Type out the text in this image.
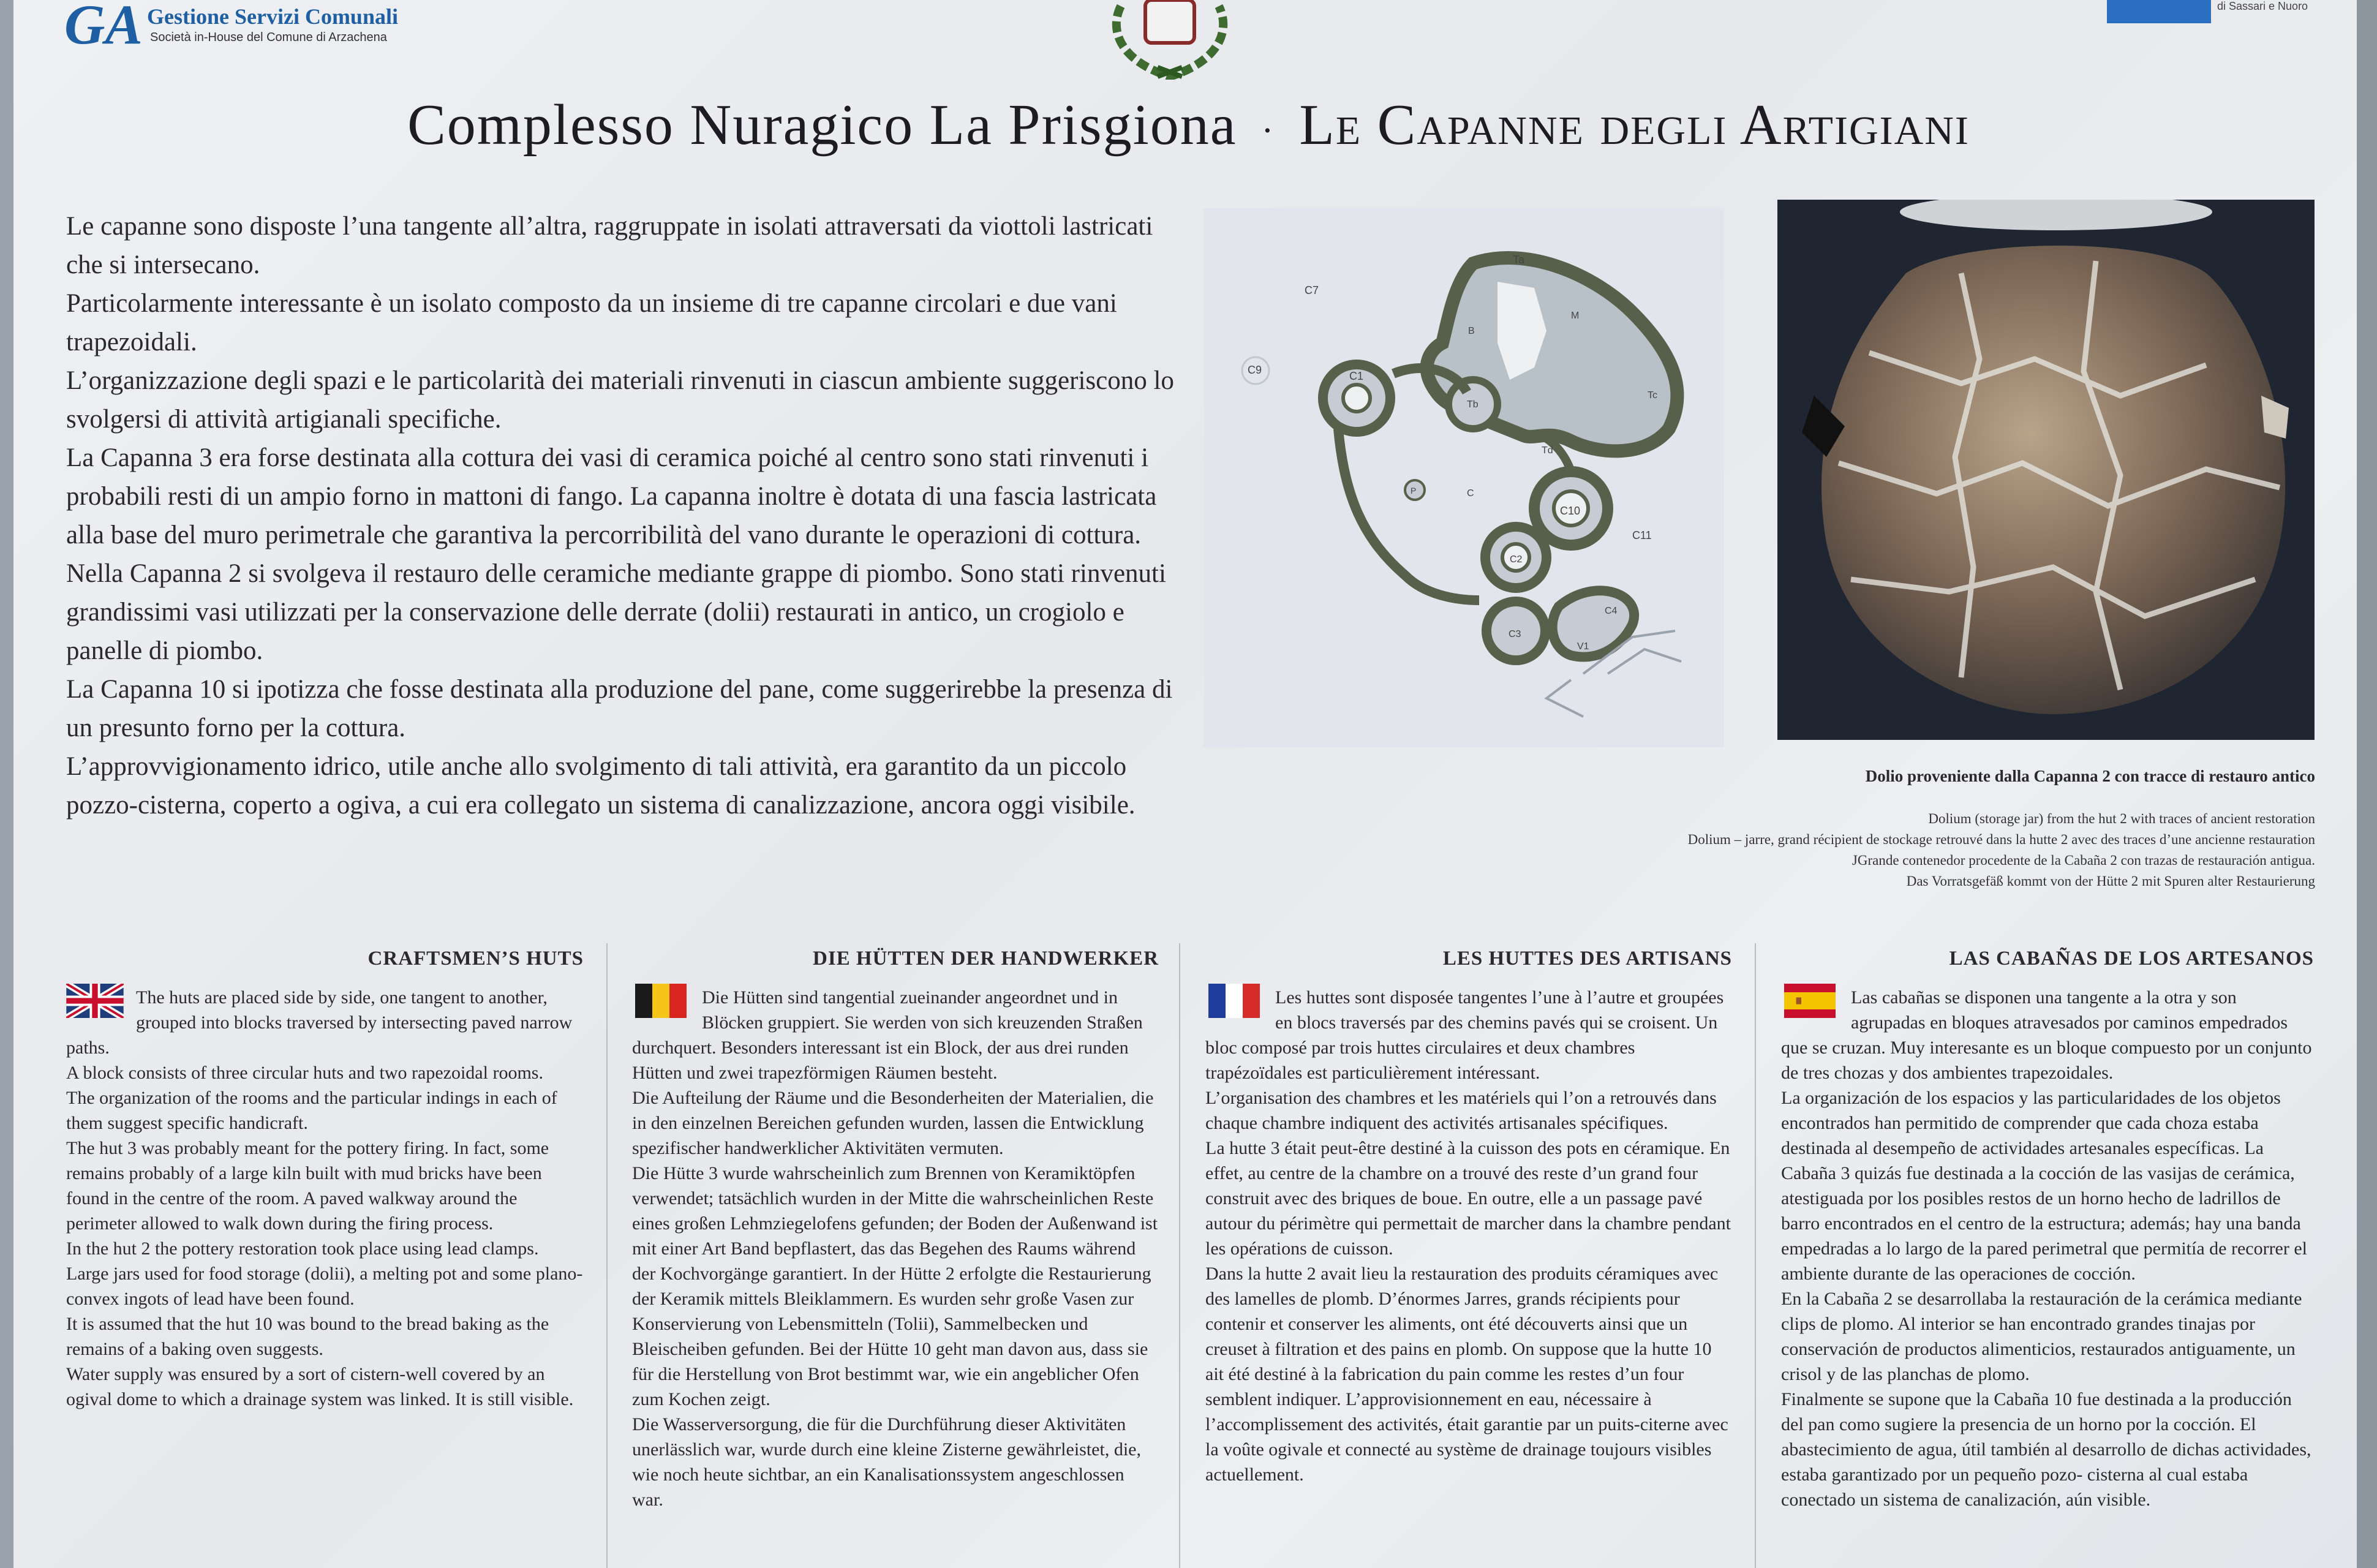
GA Gestione Servizi Comunali
Società in-House del Comune di Arzachena
di Sassari e Nuoro
Complesso Nuragico La Prisgiona · Le Capanne degli Artigiani

Le capanne sono disposte l’una tangente all’altra, raggruppate in isolati attraversati da viottoli lastricati che si intersecano.

Particolarmente interessante è un isolato composto da un insieme di tre capanne circolari e due vani trapezoidali.

L’organizzazione degli spazi e le particolarità dei materiali rinvenuti in ciascun ambiente suggeriscono lo svolgersi di attività artigianali specifiche.

La Capanna 3 era forse destinata alla cottura dei vasi di ceramica poiché al centro sono stati rinvenuti i probabili resti di un ampio forno in mattoni di fango. La capanna inoltre è dotata di una fascia lastricata alla base del muro perimetrale che garantiva la percorribilità del vano durante le operazioni di cottura.

Nella Capanna 2 si svolgeva il restauro delle ceramiche mediante grappe di piombo. Sono stati rinvenuti grandissimi vasi utilizzati per la conservazione delle derrate (dolii) restaurati in antico, un crogiolo e panelle di piombo.

La Capanna 10 si ipotizza che fosse destinata alla produzione del pane, come suggerirebbe la presenza di un presunto forno per la cottura.

L’approvvigionamento idrico, utile anche allo svolgimento di tali attività, era garantito da un piccolo pozzo-cisterna, coperto a ogiva, a cui era collegato un sistema di canalizzazione, ancora oggi visibile.

C7
C9
Ta
M
B
C1
Tb
Tc
Td
P	C
C10
C11
C2
C3
C4
V1
Dolio proveniente dalla Capanna 2 con tracce di restauro antico

Dolium (storage jar) from the hut 2 with traces of ancient restoration

Dolium – jarre, grand récipient de stockage retrouvé dans la hutte 2 avec des traces d’une ancienne restauration

JGrande contenedor procedente de la Cabaña 2 con trazas de restauración antigua.

Das Vorratsgefäß kommt von der Hütte 2 mit Spuren alter Restaurierung

CRAFTSMEN’S HUTS

The huts are placed side by side, one tangent to another, grouped into blocks traversed by intersecting paved narrow paths.

A block consists of three circular huts and two rapezoidal rooms.

The organization of the rooms and the particular indings in each of them suggest specific handicraft.

The hut 3 was probably meant for the pottery firing. In fact, some remains probably of a large kiln built with mud bricks have been found in the centre of the room. A paved walkway around the perimeter allowed to walk down during the firing process.

In the hut 2 the pottery restoration took place using lead clamps. Large jars used for food storage (dolii), a melting pot and some plano-convex ingots of lead have been found.

It is assumed that the hut 10 was bound to the bread baking as the remains of a baking oven suggests.

Water supply was ensured by a sort of cistern-well covered by an ogival dome to which a drainage system was linked. It is still visible.

DIE HÜTTEN DER HANDWERKER

Die Hütten sind tangential zueinander angeordnet und in Blöcken gruppiert. Sie werden von sich kreuzenden Straßen durchquert. Besonders interessant ist ein Block, der aus drei runden Hütten und zwei trapezförmigen Räumen besteht.

Die Aufteilung der Räume und die Besonderheiten der Materialien, die in den einzelnen Bereichen gefunden wurden, lassen die Entwicklung spezifischer handwerklicher Aktivitäten vermuten.

Die Hütte 3 wurde wahrscheinlich zum Brennen von Keramiktöpfen verwendet; tatsächlich wurden in der Mitte die wahrscheinlichen Reste eines großen Lehmziegelofens gefunden; der Boden der Außenwand ist mit einer Art Band bepflastert, das das Begehen des Raums während der Kochvorgänge garantiert. In der Hütte 2 erfolgte die Restaurierung der Keramik mittels Bleiklammern. Es wurden sehr große Vasen zur Konservierung von Lebensmitteln (Tolii), Sammelbecken und Bleischeiben gefunden. Bei der Hütte 10 geht man davon aus, dass sie für die Herstellung von Brot bestimmt war, wie ein angeblicher Ofen zum Kochen zeigt.

Die Wasserversorgung, die für die Durchführung dieser Aktivitäten unerlässlich war, wurde durch eine kleine Zisterne gewährleistet, die, wie noch heute sichtbar, an ein Kanalisationssystem angeschlossen war.

LES HUTTES DES ARTISANS

Les huttes sont disposée tangentes l’une à l’autre et groupées en blocs traversés par des chemins pavés qui se croisent. Un bloc composé par trois huttes circulaires et deux chambres trapézoïdales est particulièrement intéressant.

L’organisation des chambres et les matériels qui l’on a retrouvés dans chaque chambre indiquent des activités artisanales spécifiques.

La hutte 3 était peut-être destiné à la cuisson des pots en céramique. En effet, au centre de la chambre on a trouvé des reste d’un grand four construit avec des briques de boue. En outre, elle a un passage pavé autour du périmètre qui permettait de marcher dans la chambre pendant les opérations de cuisson.

Dans la hutte 2 avait lieu la restauration des produits céramiques avec des lamelles de plomb. D’énormes Jarres, grands récipients pour contenir et conserver les aliments, ont été découverts ainsi que un creuset à filtration et des pains en plomb. On suppose que la hutte 10 ait été destiné à la fabrication du pain comme les restes d’un four semblent indiquer. L’approvisionnement en eau, nécessaire à l’accomplissement des activités, était garantie par un puits-citerne avec la voûte ogivale et connecté au système de drainage toujours visibles actuellement.

LAS CABAÑAS DE LOS ARTESANOS

Las cabañas se disponen una tangente a la otra y son agrupadas en bloques atravesados por caminos empedrados que se cruzan. Muy interesante es un bloque compuesto por un conjunto de tres chozas y dos ambientes trapezoidales.

La organización de los espacios y las particularidades de los objetos encontrados han permitido de comprender que cada choza estaba destinada al desempeño de actividades artesanales específicas. La Cabaña 3 quizás fue destinada a la cocción de las vasijas de cerámica, atestiguada por los posibles restos de un horno hecho de ladrillos de barro encontrados en el centro de la estructura; además; hay una banda empedradas a lo largo de la pared perimetral que permitía de recorrer el ambiente durante de las operaciones de cocción.

En la Cabaña 2 se desarrollaba la restauración de la cerámica mediante clips de plomo. Al interior se han encontrado grandes tinajas por conservación de productos alimenticios, restaurados antiguamente, un crisol y de las planchas de plomo.

Finalmente se supone que la Cabaña 10 fue destinada a la producción del pan como sugiere la presencia de un horno por la cocción. El abastecimiento de agua, útil también al desarrollo de dichas actividades, estaba garantizado por un pequeño pozo- cisterna al cual estaba conectado un sistema de canalización, aún visible.
